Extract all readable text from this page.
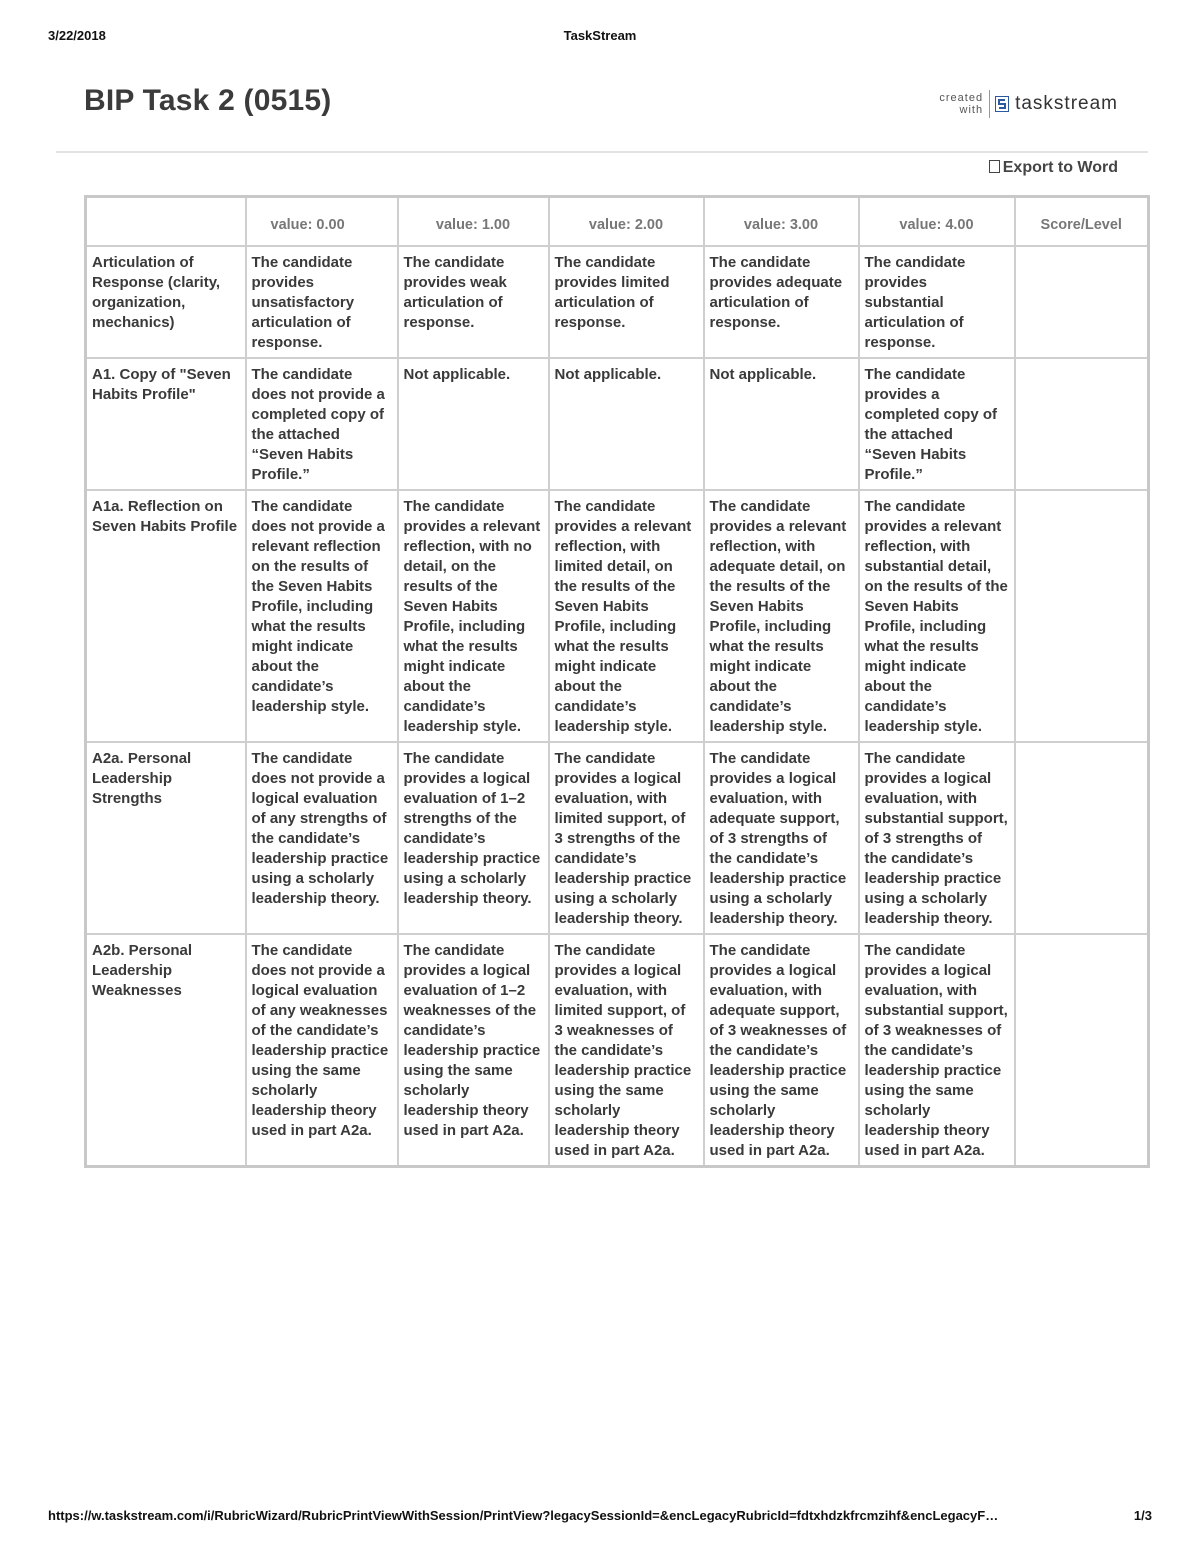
3/22/2018	TaskStream
BIP Task 2 (0515)	created
with taskstream
Export to Word
	value: 0.00	value: 1.00	value: 2.00	value: 3.00	value: 4.00	Score/Level
Articulation of Response (clarity, organization, mechanics)	The candidate provides unsatisfactory articulation of response.	The candidate provides weak articulation of response.	The candidate provides limited articulation of response.	The candidate provides adequate articulation of response.	The candidate provides substantial articulation of response.	
A1. Copy of "Seven Habits Profile"	The candidate does not provide a completed copy of the attached “Seven Habits Profile.”	Not applicable.	Not applicable.	Not applicable.	The candidate provides a completed copy of the attached “Seven Habits Profile.”	
A1a. Reflection on Seven Habits Profile	The candidate does not provide a relevant reflection on the results of the Seven Habits Profile, including what the results might indicate about the candidate’s leadership style.	The candidate provides a relevant reflection, with no detail, on the results of the Seven Habits Profile, including what the results might indicate about the candidate’s leadership style.	The candidate provides a relevant reflection, with limited detail, on the results of the Seven Habits Profile, including what the results might indicate about the candidate’s leadership style.	The candidate provides a relevant reflection, with adequate detail, on the results of the Seven Habits Profile, including what the results might indicate about the candidate’s leadership style.	The candidate provides a relevant reflection, with substantial detail, on the results of the Seven Habits Profile, including what the results might indicate about the candidate’s leadership style.	
A2a. Personal Leadership Strengths	The candidate does not provide a logical evaluation of any strengths of the candidate’s leadership practice using a scholarly leadership theory.	The candidate provides a logical evaluation of 1–2 strengths of the candidate’s leadership practice using a scholarly leadership theory.	The candidate provides a logical evaluation, with limited support, of 3 strengths of the candidate’s leadership practice using a scholarly leadership theory.	The candidate provides a logical evaluation, with adequate support, of 3 strengths of the candidate’s leadership practice using a scholarly leadership theory.	The candidate provides a logical evaluation, with substantial support, of 3 strengths of the candidate’s leadership practice using a scholarly leadership theory.	
A2b. Personal Leadership Weaknesses	The candidate does not provide a logical evaluation of any weaknesses of the candidate’s leadership practice using the same scholarly leadership theory used in part A2a.	The candidate provides a logical evaluation of 1–2 weaknesses of the candidate’s leadership practice using the same scholarly leadership theory used in part A2a.	The candidate provides a logical evaluation, with limited support, of 3 weaknesses of the candidate’s leadership practice using the same scholarly leadership theory used in part A2a.	The candidate provides a logical evaluation, with adequate support, of 3 weaknesses of the candidate’s leadership practice using the same scholarly leadership theory used in part A2a.	The candidate provides a logical evaluation, with substantial support, of 3 weaknesses of the candidate’s leadership practice using the same scholarly leadership theory used in part A2a.	
https://w.taskstream.com/i/RubricWizard/RubricPrintViewWithSession/PrintView?legacySessionId=&encLegacyRubricId=fdtxhdzkfrcmzihf&encLegacyF…	1/3
